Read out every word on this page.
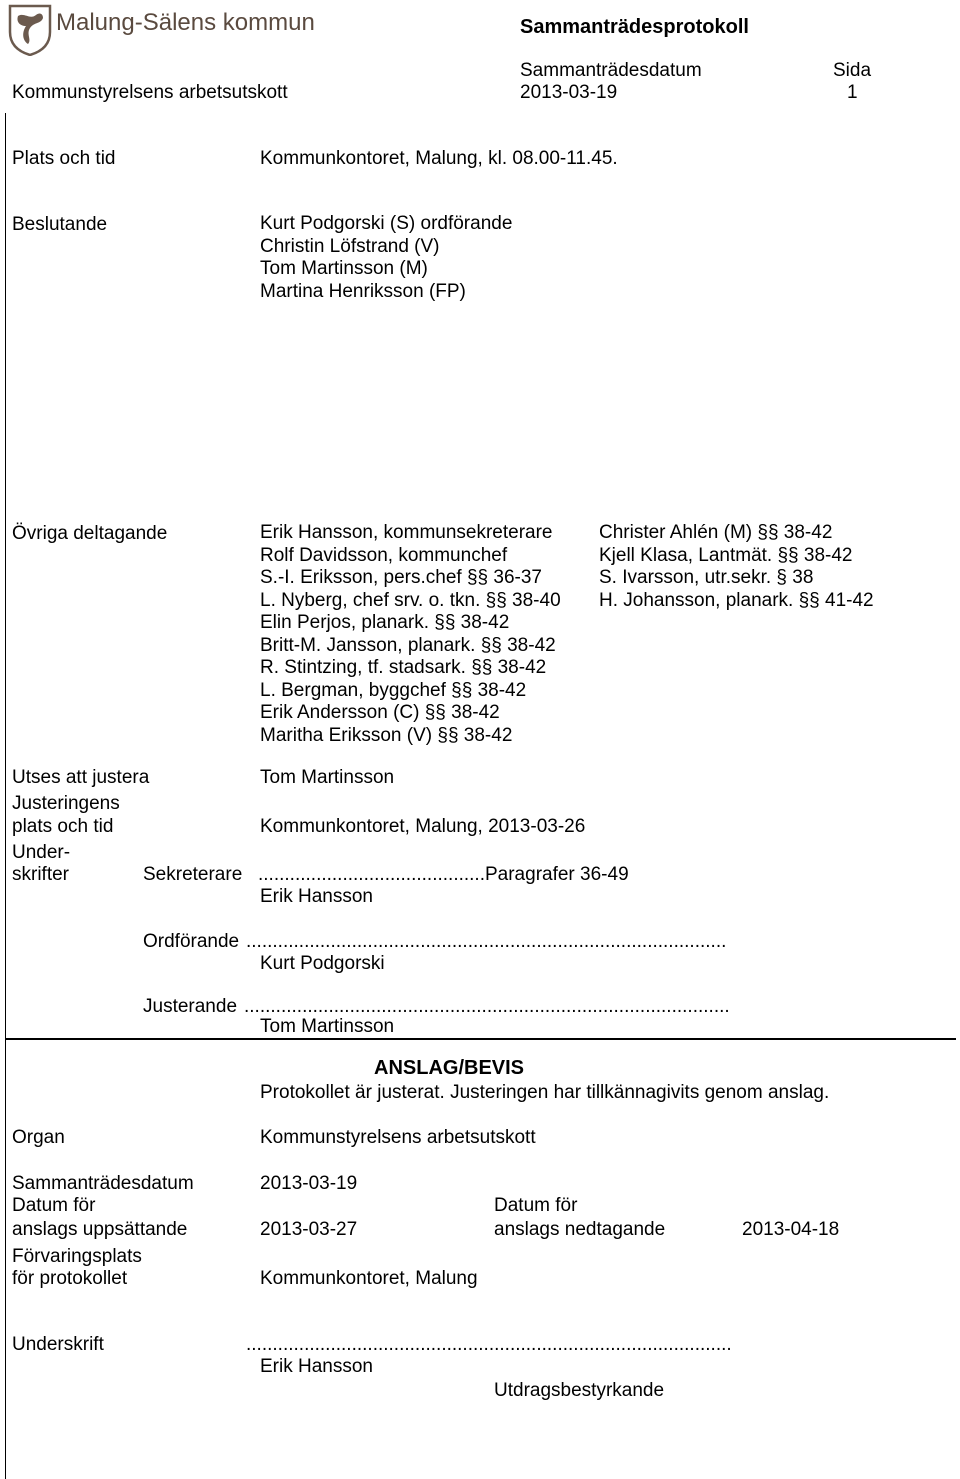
Malung-Sälens kommun	Sammanträdesprotokoll
Sammanträdesdatum	Sida
Kommunstyrelsens arbetsutskott	2013-03-19	1
Plats och tid	Kommunkontoret, Malung, kl. 08.00-11.45.
Beslutande	Kurt Podgorski (S) ordförande
Christin Löfstrand (V)
Tom Martinsson (M)
Martina Henriksson (FP)
Övriga deltagande	Erik Hansson, kommunsekreterare
Rolf Davidsson, kommunchef
S.-I. Eriksson, pers.chef §§ 36-37
L. Nyberg, chef srv. o. tkn. §§ 38-40
Elin Perjos, planark. §§ 38-42
Britt-M. Jansson, planark. §§ 38-42
R. Stintzing, tf. stadsark. §§ 38-42
L. Bergman, byggchef §§ 38-42
Erik Andersson (C) §§ 38-42
Maritha Eriksson (V) §§ 38-42
Christer Ahlén (M) §§ 38-42
Kjell Klasa, Lantmät. §§ 38-42
S. Ivarsson, utr.sekr. § 38
H. Johansson, planark. §§ 41-42
Utses att justera	Tom Martinsson
Justeringens
plats och tid	Kommunkontoret, Malung, 2013-03-26
Under-
skrifter	Sekreterare ...........................................Paragrafer 36-49
Erik Hansson
Ordförande ...........................................................................................
Kurt Podgorski
Justerande ............................................................................................
Tom Martinsson
ANSLAG/BEVIS
Protokollet är justerat. Justeringen har tillkännagivits genom anslag.
Organ	Kommunstyrelsens arbetsutskott
Sammanträdesdatum	2013-03-19
Datum för
anslags uppsättande	2013-03-27
Datum för
anslags nedtagande	2013-04-18
Förvaringsplats
för protokollet	Kommunkontoret, Malung
Underskrift	............................................................................................
Erik Hansson
Utdragsbestyrkande
